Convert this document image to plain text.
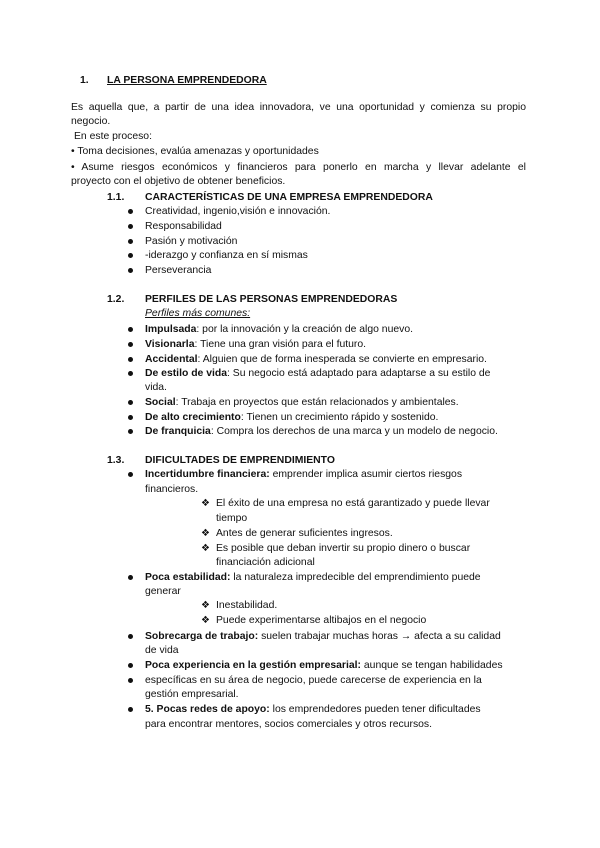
1. LA PERSONA EMPRENDEDORA
Es aquella que, a partir de una idea innovadora, ve una oportunidad y comienza su propio
negocio.
En este proceso:
• Toma decisiones, evalúa amenazas y oportunidades
• Asume riesgos económicos y financieros para ponerlo en marcha y llevar adelante el
proyecto con el objetivo de obtener beneficios.
1.1. CARACTERÍSTICAS DE UNA EMPRESA EMPRENDEDORA
Creatividad, ingenio,visión e innovación.
Responsabilidad
Pasión y motivación
-iderazgo y confianza en sí mismas
Perseverancia
1.2. PERFILES DE LAS PERSONAS EMPRENDEDORAS
Perfiles más comunes:
Impulsada: por la innovación y la creación de algo nuevo.
Visionarla: Tiene una gran visión para el futuro.
Accidental: Alguien que de forma inesperada se convierte en empresario.
De estilo de vida: Su negocio está adaptado para adaptarse a su estilo de
vida.
Social: Trabaja en proyectos que están relacionados y ambientales.
De alto crecimiento: Tienen un crecimiento rápido y sostenido.
De franquicia: Compra los derechos de una marca y un modelo de negocio.
1.3. DIFICULTADES DE EMPRENDIMIENTO
Incertidumbre financiera: emprender implica asumir ciertos riesgos
financieros.
❖ El éxito de una empresa no está garantizado y puede llevar
tiempo
❖ Antes de generar suficientes ingresos.
❖ Es posible que deban invertir su propio dinero o buscar
financiación adicional
Poca estabilidad: la naturaleza impredecible del emprendimiento puede
generar
❖ Inestabilidad.
❖ Puede experimentarse altibajos en el negocio
Sobrecarga de trabajo: suelen trabajar muchas horas → afecta a su calidad
de vida
Poca experiencia en la gestión empresarial: aunque se tengan habilidades
específicas en su área de negocio, puede carecerse de experiencia en la
gestión empresarial.
5. Pocas redes de apoyo: los emprendedores pueden tener dificultades
para encontrar mentores, socios comerciales y otros recursos.
